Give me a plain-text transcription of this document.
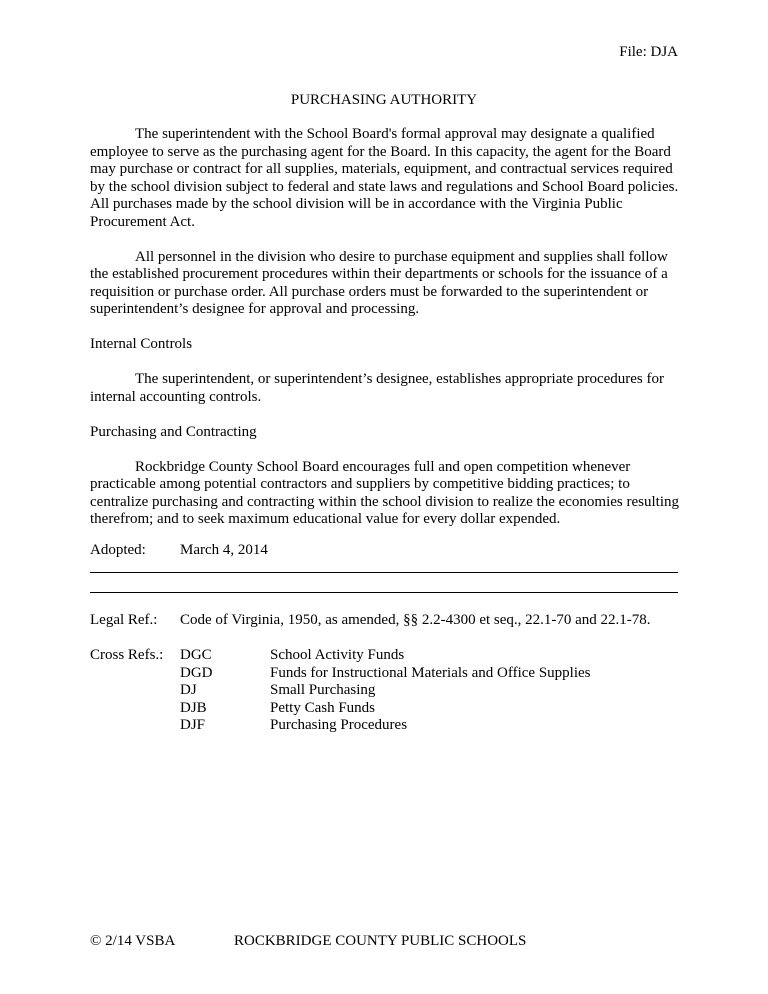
File: DJA
PURCHASING AUTHORITY

The superintendent with the School Board's formal approval may designate a qualified employee to serve as the purchasing agent for the Board. In this capacity, the agent for the Board may purchase or contract for all supplies, materials, equipment, and contractual services required by the school division subject to federal and state laws and regulations and School Board policies. All purchases made by the school division will be in accordance with the Virginia Public Procurement Act.

All personnel in the division who desire to purchase equipment and supplies shall follow the established procurement procedures within their departments or schools for the issuance of a requisition or purchase order. All purchase orders must be forwarded to the superintendent or superintendent’s designee for approval and processing.

Internal Controls

The superintendent, or superintendent’s designee, establishes appropriate procedures for internal accounting controls.

Purchasing and Contracting

Rockbridge County School Board encourages full and open competition whenever practicable among potential contractors and suppliers by competitive bidding practices; to centralize purchasing and contracting within the school division to realize the economies resulting therefrom; and to seek maximum educational value for every dollar expended.

Adopted: March 4, 2014
Legal Ref.: Code of Virginia, 1950, as amended, §§ 2.2-4300 et seq., 22.1-70 and 22.1-78.
Cross Refs.: DGC	School Activity Funds
DGD	Funds for Instructional Materials and Office Supplies
DJ	Small Purchasing
DJB	Petty Cash Funds
DJF	Purchasing Procedures
© 2/14 VSBA	ROCKBRIDGE COUNTY PUBLIC SCHOOLS
